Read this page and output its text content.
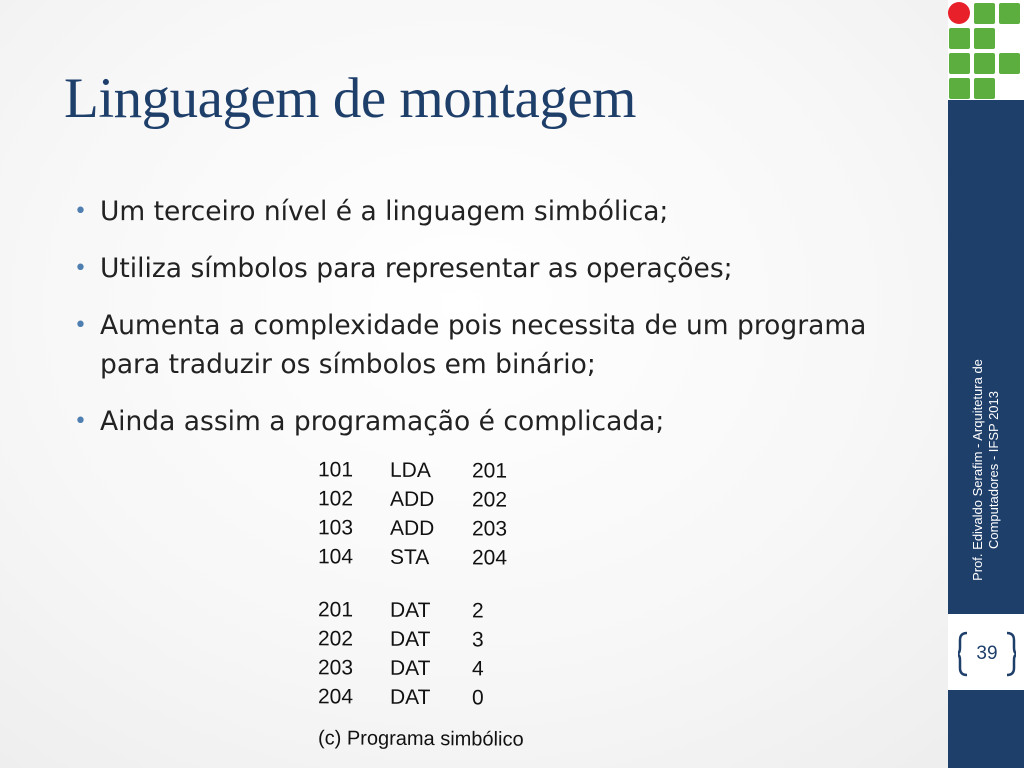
Linguagem de montagem
• Um terceiro nível é a linguagem simbólica;
• Utiliza símbolos para representar as operações;
• Aumenta a complexidade pois necessita de um programa para traduzir os símbolos em binário;
• Ainda assim a programação é complicada;
101	LDA	201
102	ADD	202
103	ADD	203
104	STA	204
201	DAT	2
202	DAT	3
203	DAT	4
204	DAT	0
(c) Programa simbólico
Prof. Edivaldo Serafim - Arquitetura de Computadores - IFSP 2013
39
